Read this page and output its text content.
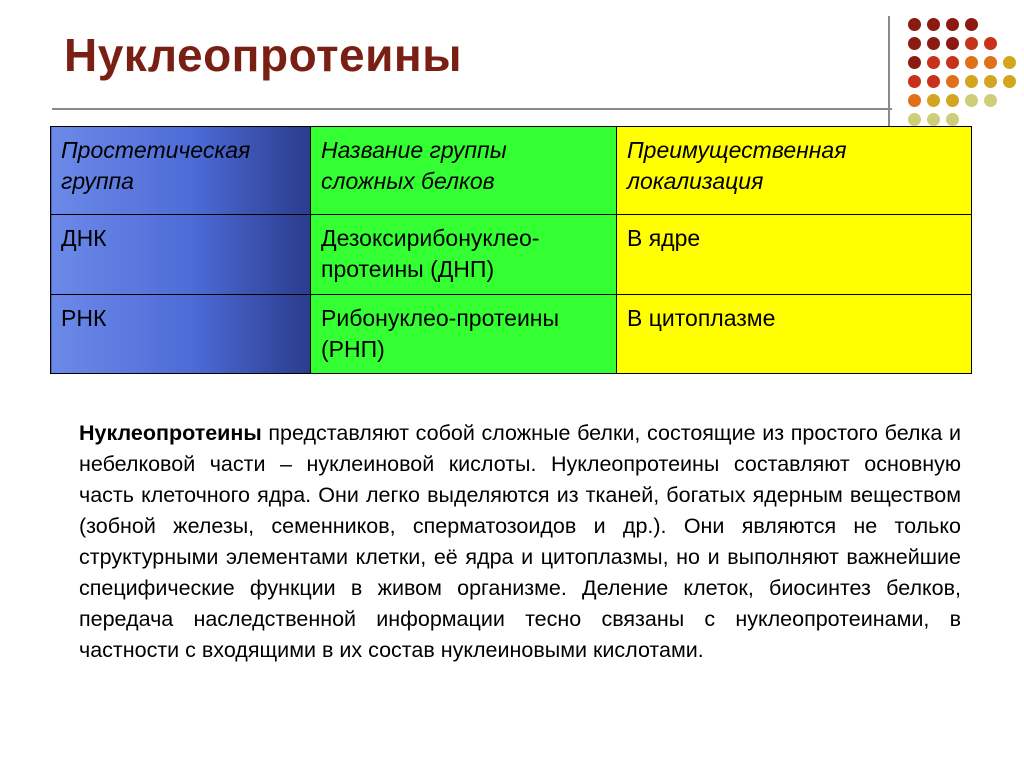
Нуклеопротеины
Простетическая группа	Название группы сложных белков	Преимущественная локализация
ДНК	Дезоксирибонуклео-протеины (ДНП)	В ядре
РНК	Рибонуклео-протеины (РНП)	В цитоплазме

Нуклеопротеины представляют собой сложные белки, состоящие из простого белка и небелковой части – нуклеиновой кислоты. Нуклеопротеины составляют основную часть клеточного ядра. Они легко выделяются из тканей, богатых ядерным веществом (зобной железы, семенников, сперматозоидов и др.). Они являются не только структурными элементами клетки, её ядра и цитоплазмы, но и выполняют важнейшие специфические функции в живом организме. Деление клеток, биосинтез белков, передача наследственной информации тесно связаны с нуклеопротеинами, в частности с входящими в их состав нуклеиновыми кислотами.
